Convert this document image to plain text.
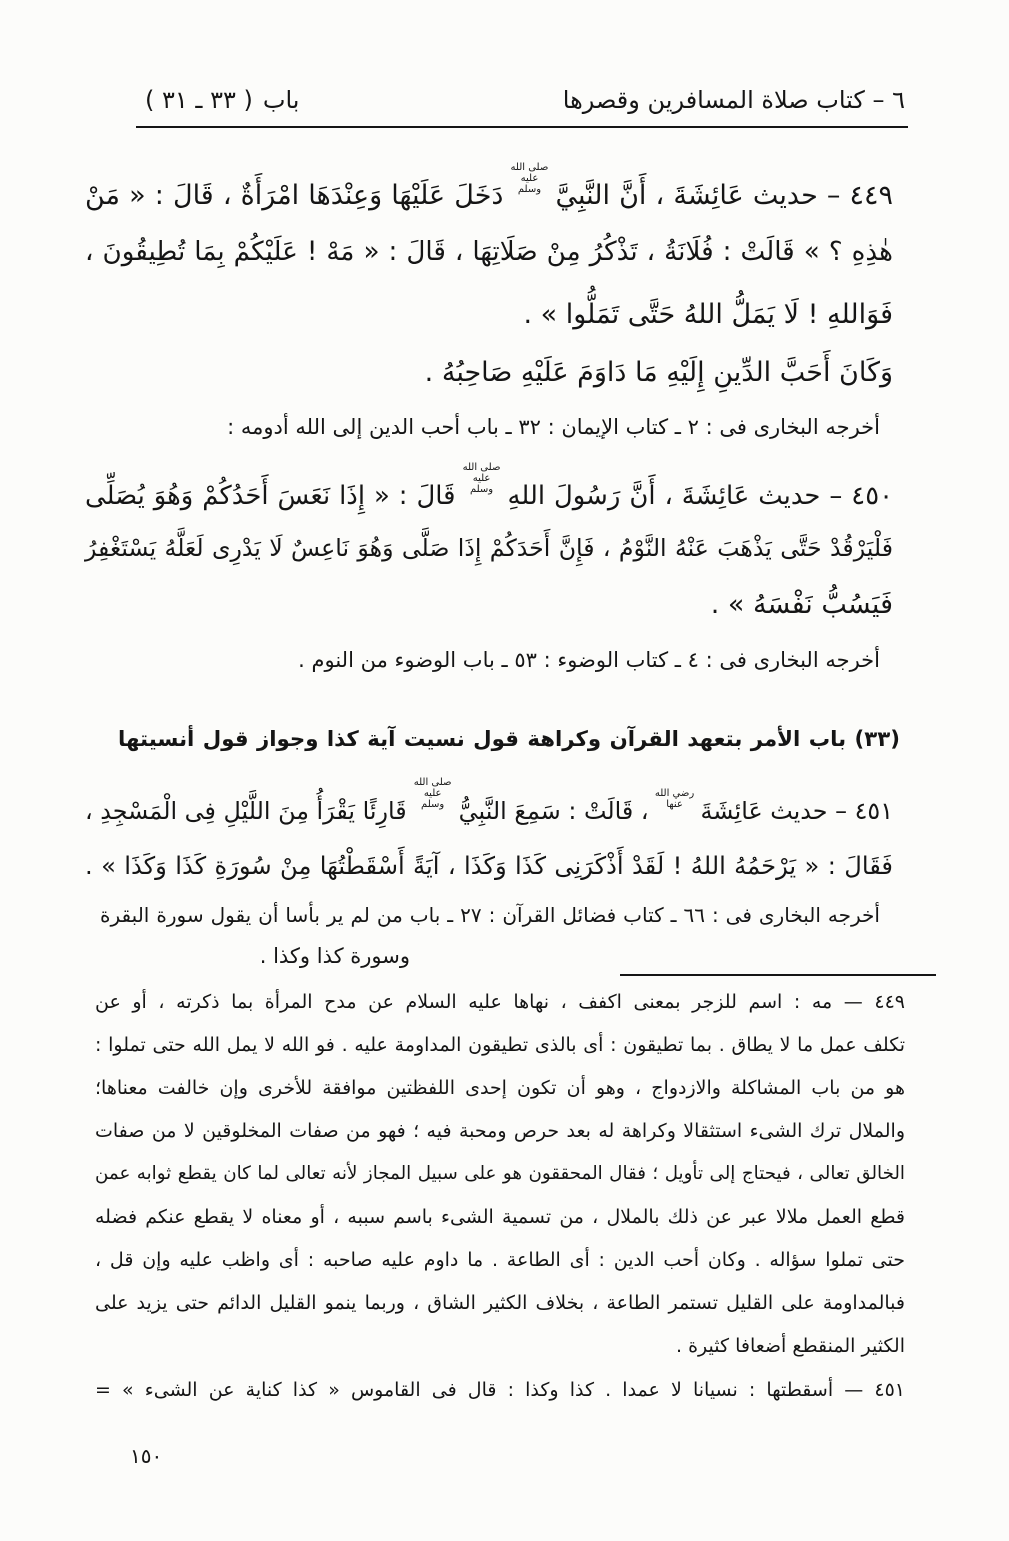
٦ – كتاب صلاة المسافرين وقصرها
( ٣١ ـ ٣٣ ) باب
٤٤٩ – حديث عَائِشَةَ ، أَنَّ النَّبِيَّصلى الله عليه وسلمدَخَلَ عَلَيْهَا وَعِنْدَهَا امْرَأَةٌ ، قَالَ : « مَنْ
هٰذِهِ ؟ » قَالَتْ : فُلَانَةُ ، تَذْكُرُ مِنْ صَلَاتِهَا ، قَالَ : « مَهْ ! عَلَيْكُمْ بِمَا تُطِيقُونَ ،
فَوَاللهِ ! لَا يَمَلُّ اللهُ حَتَّى تَمَلُّوا » .
وَكَانَ أَحَبَّ الدِّينِ إِلَيْهِ مَا دَاوَمَ عَلَيْهِ صَاحِبُهُ .
أخرجه البخارى فى : ٢ ـ كتاب الإيمان : ٣٢ ـ باب أحب الدين إلى الله أدومه :
٤٥٠ – حديث عَائِشَةَ ، أَنَّ رَسُولَ اللهِصلى الله عليه وسلمقَالَ : « إِذَا نَعَسَ أَحَدُكُمْ وَهُوَ يُصَلِّى
فَلْيَرْقُدْ حَتَّى يَذْهَبَ عَنْهُ النَّوْمُ ، فَإِنَّ أَحَدَكُمْ إِذَا صَلَّى وَهُوَ نَاعِسٌ لَا يَدْرِى لَعَلَّهُ يَسْتَغْفِرُ
فَيَسُبُّ نَفْسَهُ » .
أخرجه البخارى فى : ٤ ـ كتاب الوضوء : ٥٣ ـ باب الوضوء من النوم .
(٣٣) باب الأمر بتعهد القرآن وكراهة قول نسيت آية كذا وجواز قول أنسيتها
٤٥١ – حديث عَائِشَةَرضي الله عنها، قَالَتْ : سَمِعَ النَّبِيُّصلى الله عليه وسلمقَارِئًا يَقْرَأُ مِنَ اللَّيْلِ فِى الْمَسْجِدِ ،
فَقَالَ : « يَرْحَمُهُ اللهُ ! لَقَدْ أَذْكَرَنِى كَذَا وَكَذَا ، آيَةً أَسْقَطْتُهَا مِنْ سُورَةِ كَذَا وَكَذَا » .
أخرجه البخارى فى : ٦٦ ـ كتاب فضائل القرآن : ٢٧ ـ باب من لم ير بأسا أن يقول سورة البقرة
وسورة كذا وكذا .
٤٤٩ — مه : اسم للزجر بمعنى اكفف ، نهاها عليه السلام عن مدح المرأة بما ذكرته ، أو عن
تكلف عمل ما لا يطاق . بما تطيقون : أى بالذى تطيقون المداومة عليه . فو الله لا يمل الله حتى تملوا :
هو من باب المشاكلة والازدواج ، وهو أن تكون إحدى اللفظتين موافقة للأخرى وإن خالفت معناها؛
والملال ترك الشىء استثقالا وكراهة له بعد حرص ومحبة فيه ؛ فهو من صفات المخلوقين لا من صفات
الخالق تعالى ، فيحتاج إلى تأويل ؛ فقال المحققون هو على سبيل المجاز لأنه تعالى لما كان يقطع ثوابه عمن
قطع العمل ملالا عبر عن ذلك بالملال ، من تسمية الشىء باسم سببه ، أو معناه لا يقطع عنكم فضله
حتى تملوا سؤاله . وكان أحب الدين : أى الطاعة . ما داوم عليه صاحبه : أى واظب عليه وإن قل ،
فبالمداومة على القليل تستمر الطاعة ، بخلاف الكثير الشاق ، وربما ينمو القليل الدائم حتى يزيد على
الكثير المنقطع أضعافا كثيرة .
٤٥١ — أسقطتها : نسيانا لا عمدا . كذا وكذا : قال فى القاموس « كذا كناية عن الشىء » =
١٥٠
